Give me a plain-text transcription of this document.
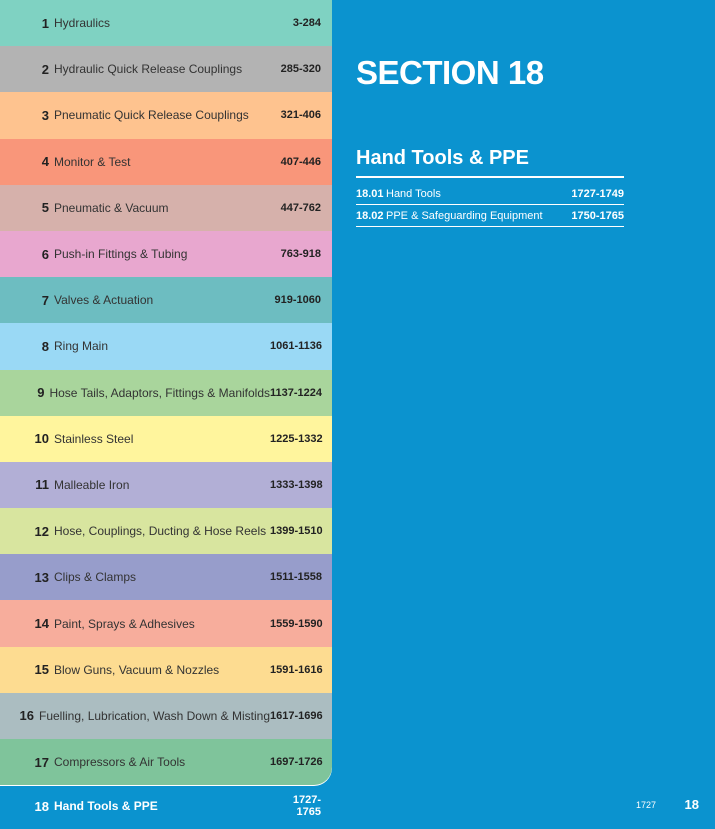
1 Hydraulics	3-284
2 Hydraulic Quick Release Couplings	285-320
3 Pneumatic Quick Release Couplings	321-406
4 Monitor & Test	407-446
5 Pneumatic & Vacuum	447-762
6 Push-in Fittings & Tubing	763-918
7 Valves & Actuation	919-1060
8 Ring Main	1061-1136
9 Hose Tails, Adaptors, Fittings & Manifolds 1137-1224
10 Stainless Steel	1225-1332
11 Malleable Iron	1333-1398
12 Hose, Couplings, Ducting & Hose Reels 1399-1510
13 Clips & Clamps	1511-1558
14 Paint, Sprays & Adhesives	1559-1590
15 Blow Guns, Vacuum & Nozzles	1591-1616
16 Fuelling, Lubrication, Wash Down & Misting 1617-1696
17 Compressors & Air Tools	1697-1726
18 Hand Tools & PPE	1727-1765
SECTION 18
Hand Tools & PPE
18.01 Hand Tools	1727-1749
18.02 PPE & Safeguarding Equipment	1750-1765
1727 18
